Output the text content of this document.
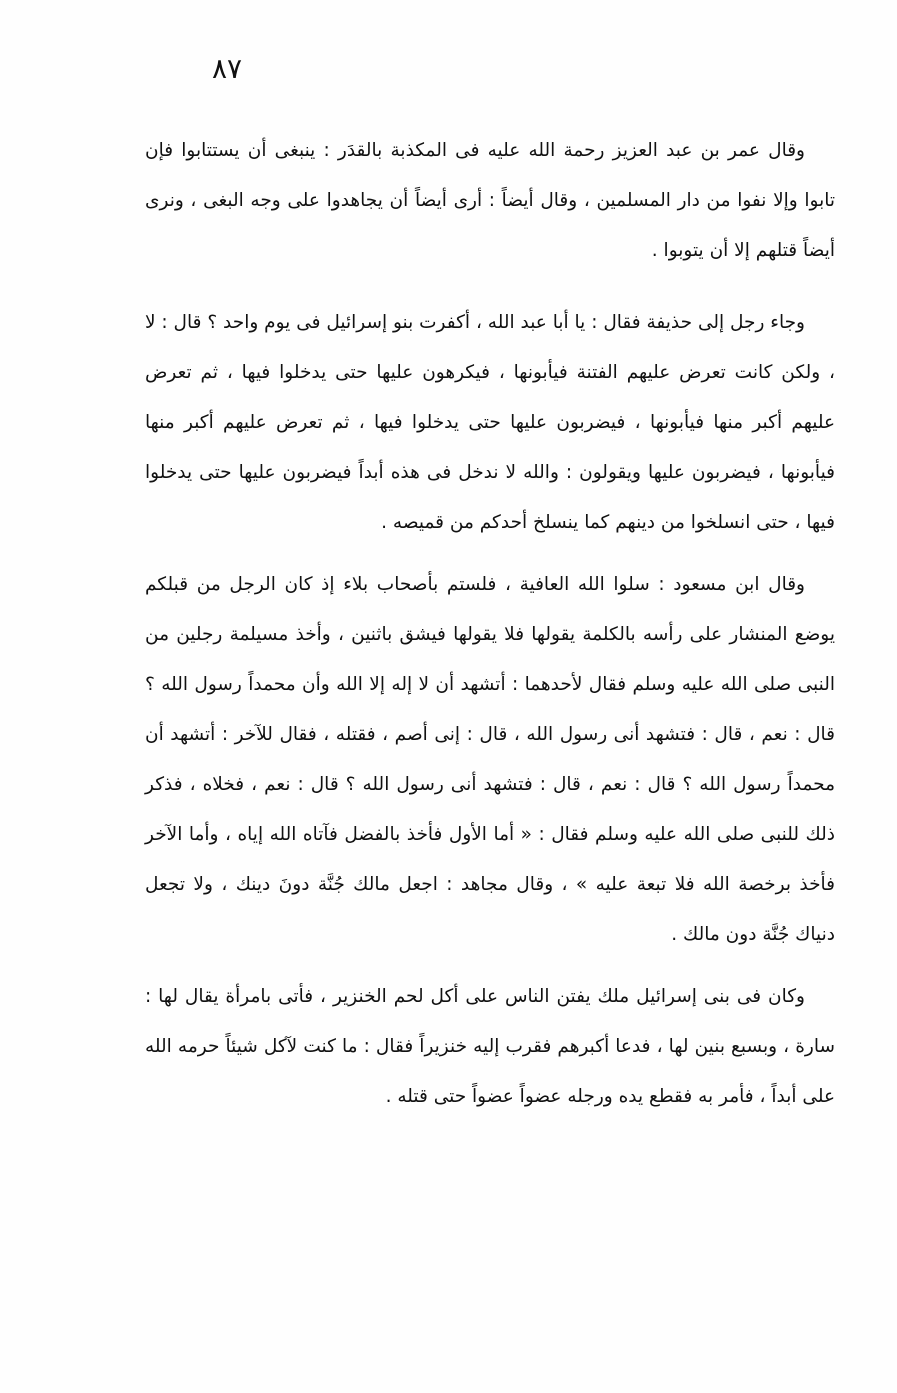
٨٧

وقال عمر بن عبد العزيز رحمة الله عليه فى المكذبة بالقدَر : ينبغى أن يستتابوا فإن تابوا وإلا نفوا من دار المسلمين ، وقال أيضاً : أرى أيضاً أن يجاهدوا على وجه البغى ، ونرى أيضاً قتلهم إلا أن يتوبوا .

وجاء رجل إلى حذيفة فقال : يا أبا عبد الله ، أكفرت بنو إسرائيل فى يوم واحد ؟ قال : لا ، ولكن كانت تعرض عليهم الفتنة فيأبونها ، فيكرهون عليها حتى يدخلوا فيها ، ثم تعرض عليهم أكبر منها فيأبونها ، فيضربون عليها حتى يدخلوا فيها ، ثم تعرض عليهم أكبر منها فيأبونها ، فيضربون عليها ويقولون : والله لا ندخل فى هذه أبداً فيضربون عليها حتى يدخلوا فيها ، حتى انسلخوا من دينهم كما ينسلخ أحدكم من قميصه .

وقال ابن مسعود : سلوا الله العافية ، فلستم بأصحاب بلاء إذ كان الرجل من قبلكم يوضع المنشار على رأسه بالكلمة يقولها فلا يقولها فيشق باثنين ، وأخذ مسيلمة رجلين من النبى صلى الله عليه وسلم فقال لأحدهما : أتشهد أن لا إله إلا الله وأن محمداً رسول الله ؟ قال : نعم ، قال : فتشهد أنى رسول الله ، قال : إنى أصم ، فقتله ، فقال للآخر : أتشهد أن محمداً رسول الله ؟ قال : نعم ، قال : فتشهد أنى رسول الله ؟ قال : نعم ، فخلاه ، فذكر ذلك للنبى صلى الله عليه وسلم فقال : « أما الأول فأخذ بالفضل فآتاه الله إياه ، وأما الآخر فأخذ برخصة الله فلا تبعة عليه » ، وقال مجاهد : اجعل مالك جُنَّة دونَ دينك ، ولا تجعل دنياك جُنَّة دون مالك .

وكان فى بنى إسرائيل ملك يفتن الناس على أكل لحم الخنزير ، فأتى بامرأة يقال لها : سارة ، وبسبع بنين لها ، فدعا أكبرهم فقرب إليه خنزيراً فقال : ما كنت لآكل شيئاً حرمه الله على أبداً ، فأمر به فقطع يده ورجله عضواً عضواً حتى قتله .
